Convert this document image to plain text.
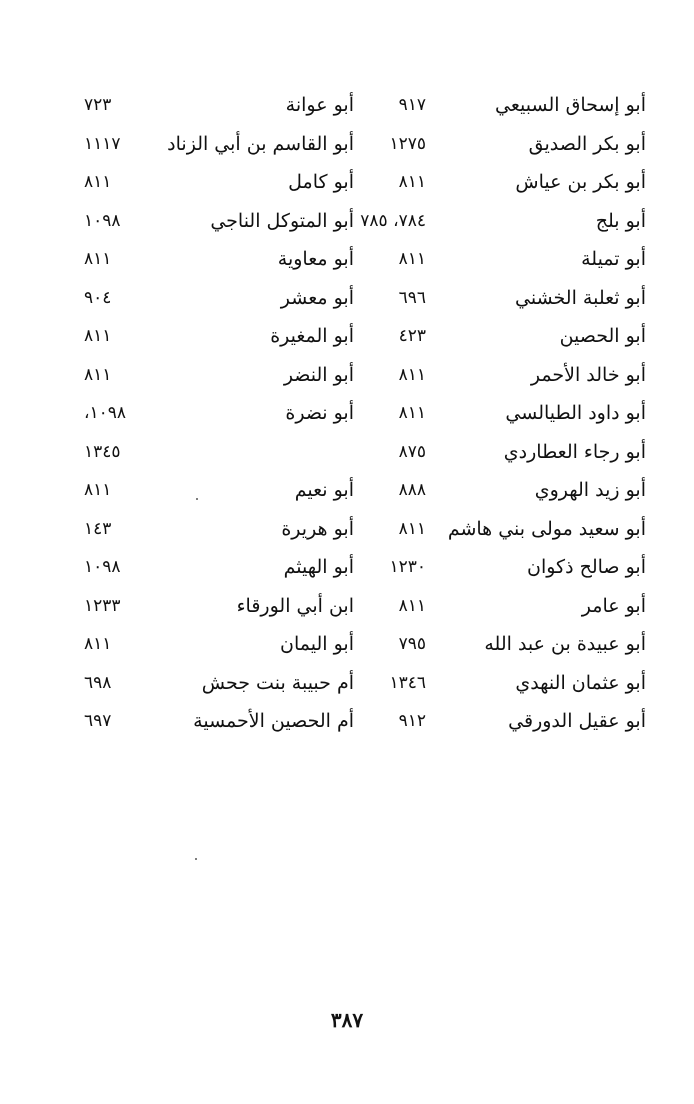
أبو إسحاق السبيعي
٩١٧
أبو عوانة
٧٢٣
أبو بكر الصديق
١٢٧٥
أبو القاسم بن أبي الزناد
١١١٧
أبو بكر بن عياش
٨١١
أبو كامل
٨١١
أبو بلج
٧٨٤، ٧٨٥
أبو المتوكل الناجي
١٠٩٨
أبو تميلة
٨١١
أبو معاوية
٨١١
أبو ثعلبة الخشني
٦٩٦
أبو معشر
٩٠٤
أبو الحصين
٤٢٣
أبو المغيرة
٨١١
أبو خالد الأحمر
٨١١
أبو النضر
٨١١
أبو داود الطيالسي
٨١١
أبو نضرة
١٠٩٨،
أبو رجاء العطاردي
٨٧٥
١٣٤٥
أبو زيد الهروي
٨٨٨
أبو نعيم
٨١١
أبو سعيد مولى بني هاشم
٨١١
أبو هريرة
١٤٣
أبو صالح ذكوان
١٢٣٠
أبو الهيثم
١٠٩٨
أبو عامر
٨١١
ابن أبي الورقاء
١٢٣٣
أبو عبيدة بن عبد الله
٧٩٥
أبو اليمان
٨١١
أبو عثمان النهدي
١٣٤٦
أم حبيبة بنت جحش
٦٩٨
أبو عقيل الدورقي
٩١٢
أم الحصين الأحمسية
٦٩٧
٣٨٧
